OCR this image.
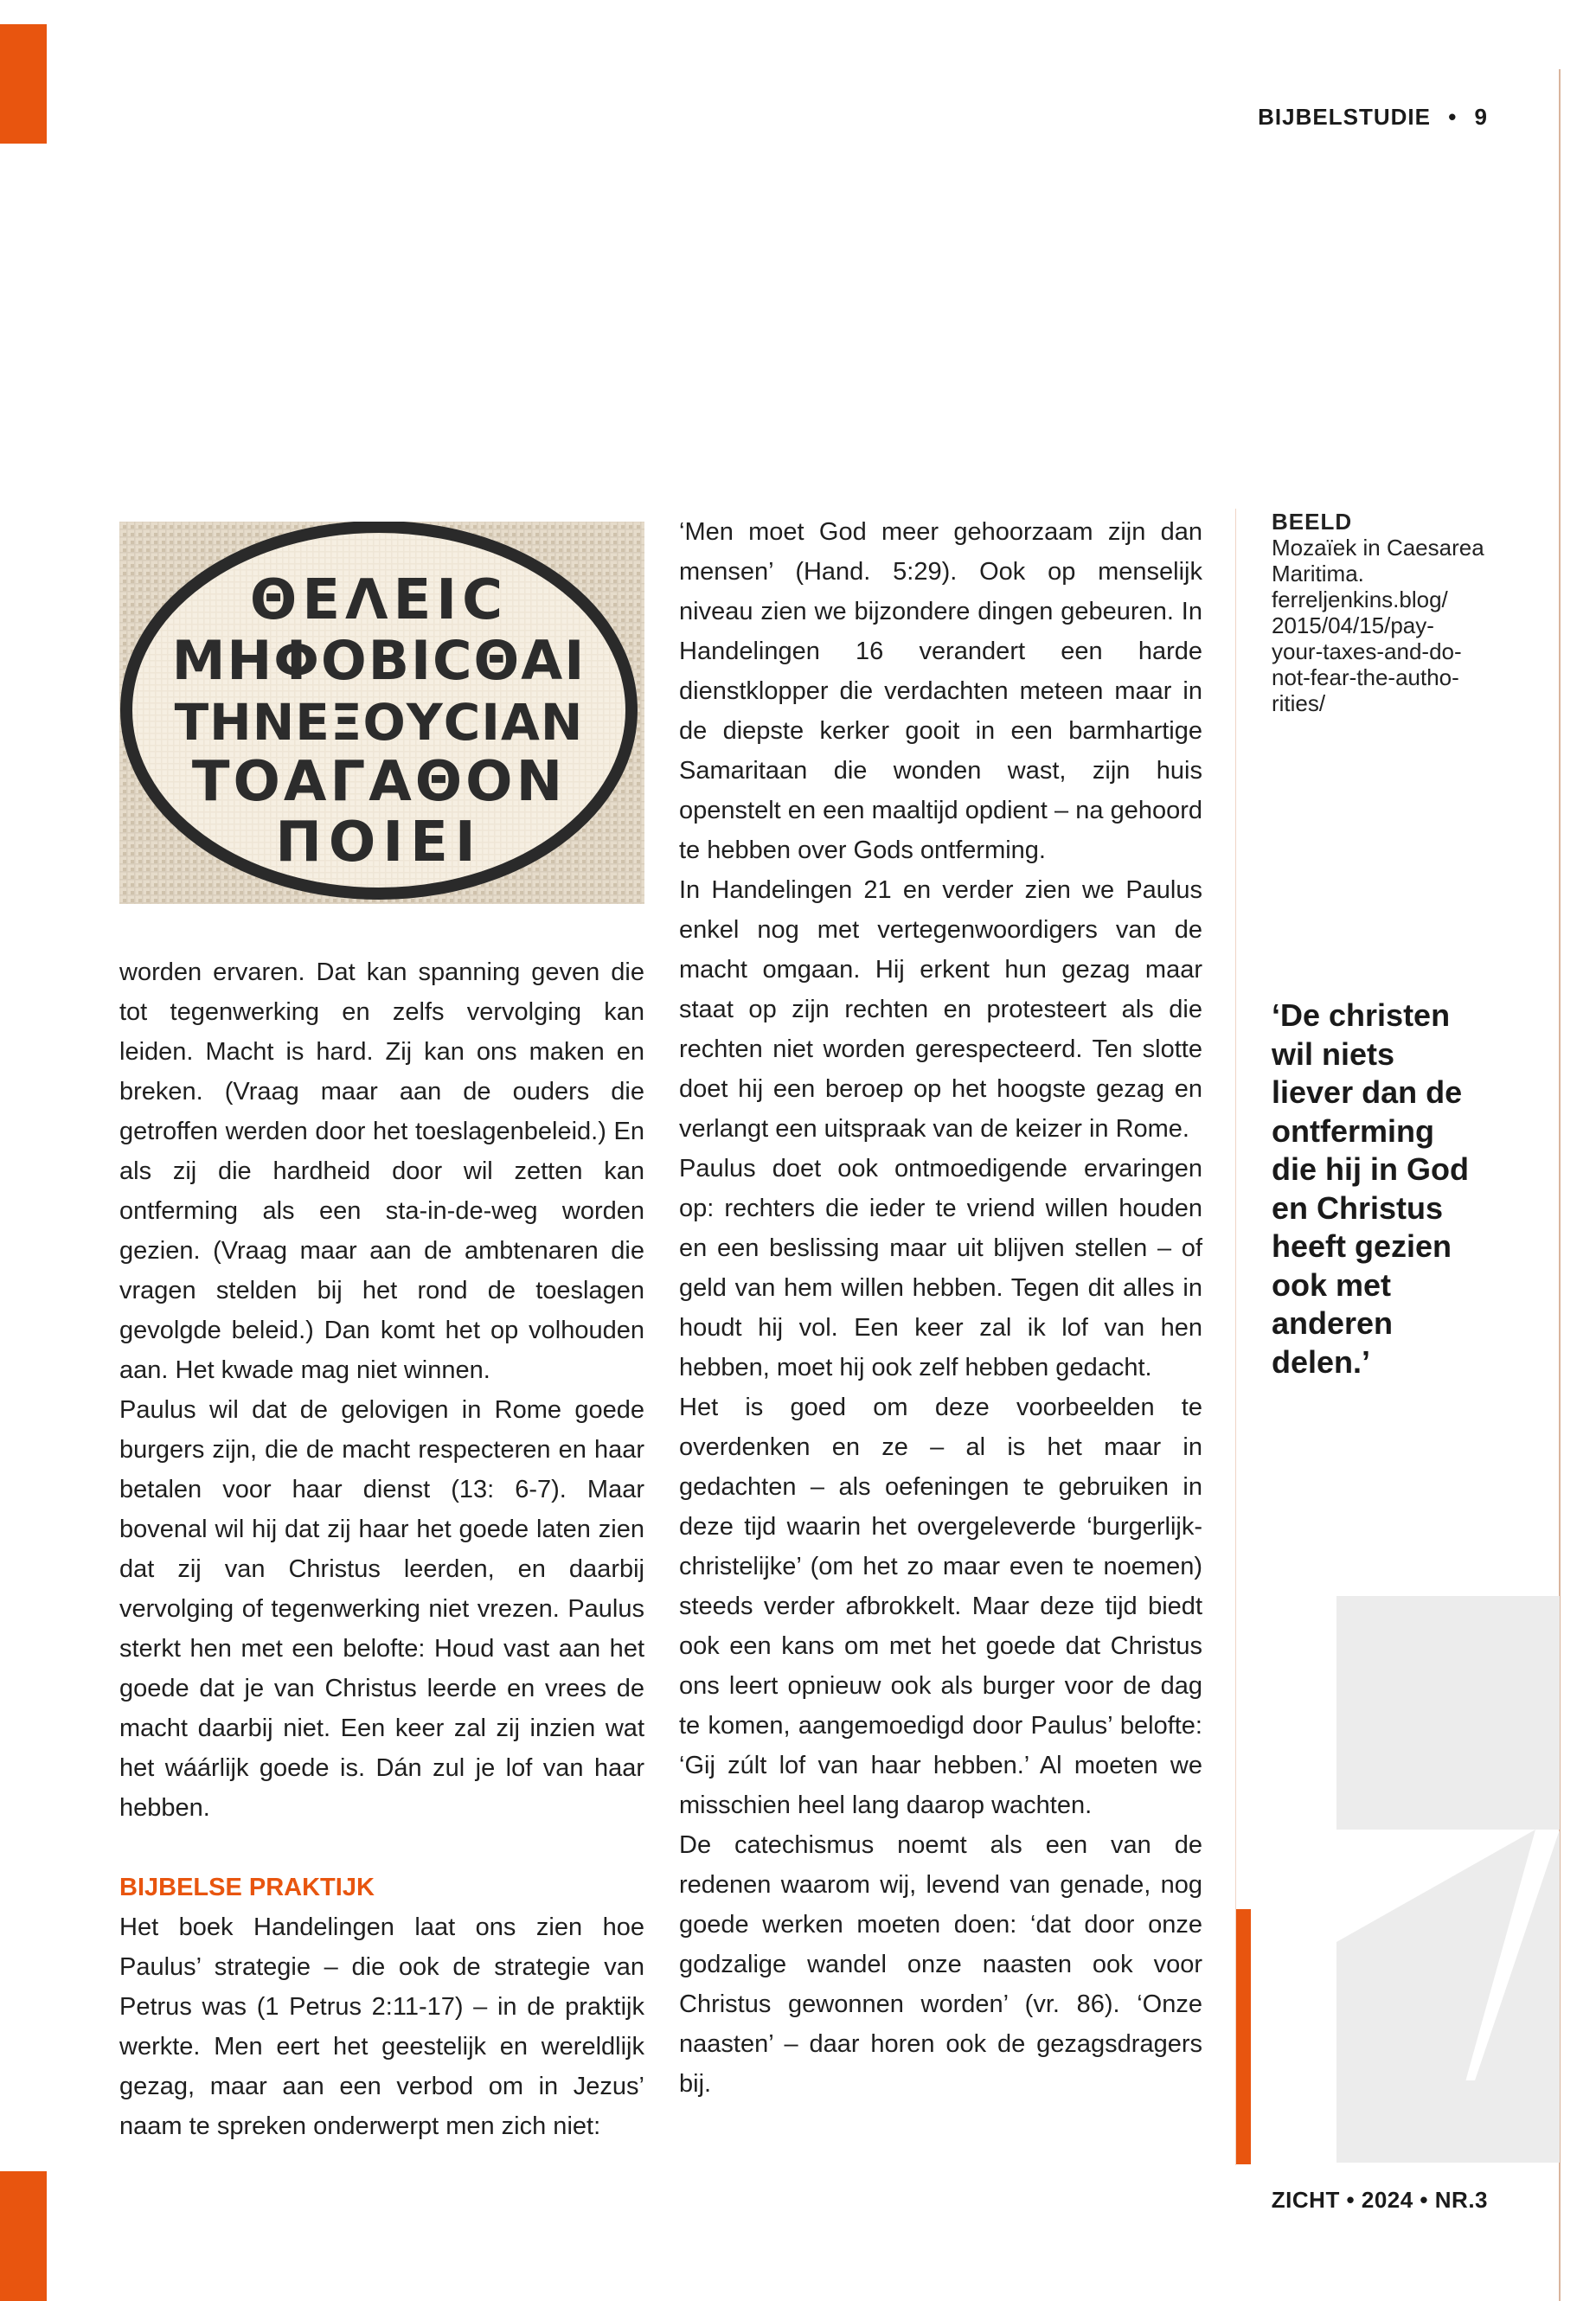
BIJBELSTUDIE • 9
ΘΕΛΕΙϹ
ΜΗΦΟΒΙϹΘΑΙ
ΤΗΝΕΞΟΥϹΙΑΝ
ΤΟΑΓΑΘΟΝ
ΠΟΙΕΙ

worden ervaren. Dat kan spanning geven die tot tegenwerking en zelfs vervolging kan leiden. Macht is hard. Zij kan ons maken en breken. (Vraag maar aan de ouders die getroffen werden door het toeslagenbeleid.) En als zij die hardheid door wil zetten kan ontferming als een sta-in-de-weg worden gezien. (Vraag maar aan de ambtenaren die vragen stelden bij het rond de toeslagen gevolgde beleid.) Dan komt het op volhouden aan. Het kwade mag niet winnen.

Paulus wil dat de gelovigen in Rome goede burgers zijn, die de macht respecteren en haar betalen voor haar dienst (13: 6-7). Maar bovenal wil hij dat zij haar het goede laten zien dat zij van Christus leerden, en daarbij vervolging of tegenwerking niet vrezen. Paulus sterkt hen met een belofte: Houd vast aan het goede dat je van Christus leerde en vrees de macht daarbij niet. Een keer zal zij inzien wat het wáárlijk goede is. Dán zul je lof van haar hebben.

BIJBELSE PRAKTIJK

Het boek Handelingen laat ons zien hoe Paulus’ strategie – die ook de strategie van Petrus was (1 Petrus 2:11-17) – in de praktijk werkte. Men eert het geestelijk en wereldlijk gezag, maar aan een verbod om in Jezus’ naam te spreken onderwerpt men zich niet:

‘Men moet God meer gehoorzaam zijn dan mensen’ (Hand. 5:29). Ook op menselijk niveau zien we bijzondere dingen gebeuren. In Handelingen 16 verandert een harde dienstklopper die verdachten meteen maar in de diepste kerker gooit in een barmhartige Samaritaan die wonden wast, zijn huis openstelt en een maaltijd opdient – na gehoord te hebben over Gods ontferming.

In Handelingen 21 en verder zien we Paulus enkel nog met vertegenwoordigers van de macht omgaan. Hij erkent hun gezag maar staat op zijn rechten en protesteert als die rechten niet worden gerespecteerd. Ten slotte doet hij een beroep op het hoogste gezag en verlangt een uitspraak van de keizer in Rome.

Paulus doet ook ontmoedigende ervaringen op: rechters die ieder te vriend willen houden en een beslissing maar uit blijven stellen – of geld van hem willen hebben. Tegen dit alles in houdt hij vol. Een keer zal ik lof van hen hebben, moet hij ook zelf hebben gedacht.

Het is goed om deze voorbeelden te overdenken en ze – al is het maar in gedachten – als oefeningen te gebruiken in deze tijd waarin het overgeleverde ‘burgerlijk-christelijke’ (om het zo maar even te noemen) steeds verder afbrokkelt. Maar deze tijd biedt ook een kans om met het goede dat Christus ons leert opnieuw ook als burger voor de dag te komen, aangemoedigd door Paulus’ belofte: ‘Gij zúlt lof van haar hebben.’ Al moeten we misschien heel lang daarop wachten.

De catechismus noemt als een van de redenen waarom wij, levend van genade, nog goede werken moeten doen: ‘dat door onze godzalige wandel onze naasten ook voor Christus gewonnen worden’ (vr. 86). ‘Onze naasten’ – daar horen ook de gezagsdragers bij.

BEELD
Mozaïek in Caesarea
Maritima.
ferreljenkins.blog/
2015/04/15/pay-
your-taxes-and-do-
not-fear-the-autho-
rities/
‘De christen
wil niets
liever dan de
ontferming
die hij in God
en Christus
heeft gezien
ook met
anderen
delen.’
ZICHT • 2024 • NR.3
